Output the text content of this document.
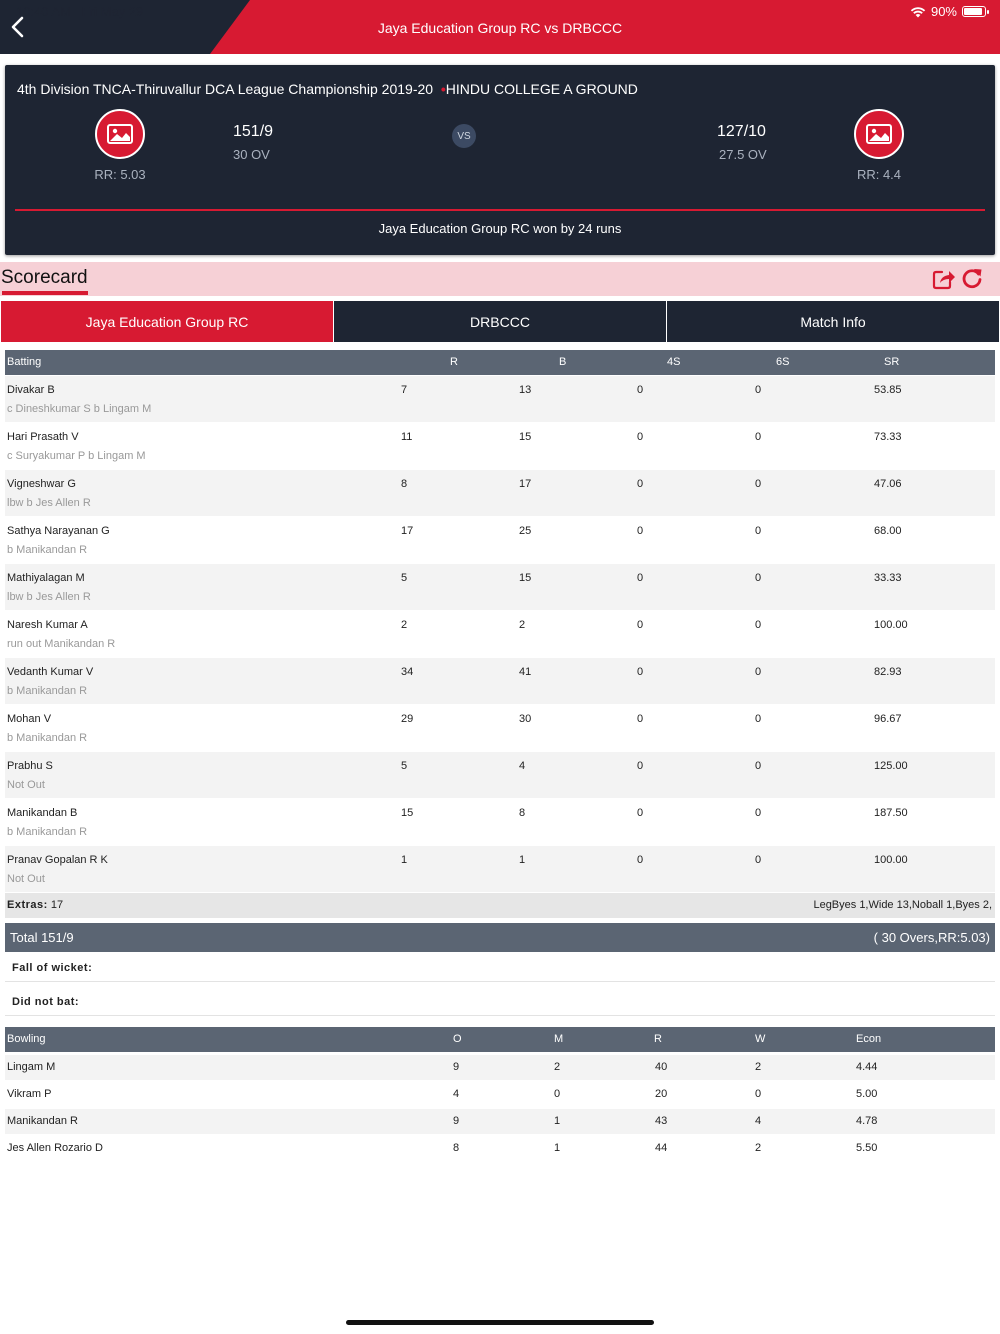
10:40 AM Fri May 29	90%
Jaya Education Group RC vs DRBCCC
4th Division TNCA-Thiruvallur DCA League Championship 2019-20  •HINDU COLLEGE A GROUND
RR: 5.03
151/9
30 OV
VS	127/10
27.5 OV
RR: 4.4
Jaya Education Group RC won by 24 runs
Scorecard
Jaya Education Group RC	DRBCCC	Match Info
Batting	R	B	4S	6S	SR
Divakar B
c Dineshkumar S b Lingam M
7	13	0	0	53.85
Hari Prasath V
c Suryakumar P b Lingam M
11	15	0	0	73.33
Vigneshwar G
lbw b Jes Allen R
8	17	0	0	47.06
Sathya Narayanan G
b Manikandan R
17	25	0	0	68.00
Mathiyalagan M
lbw b Jes Allen R
5	15	0	0	33.33
Naresh Kumar A
run out Manikandan R
2	2	0	0	100.00
Vedanth Kumar V
b Manikandan R
34	41	0	0	82.93
Mohan V
b Manikandan R
29	30	0	0	96.67
Prabhu S
Not Out
5	4	0	0	125.00
Manikandan B
b Manikandan R
15	8	0	0	187.50
Pranav Gopalan R K
Not Out
1	1	0	0	100.00
Extras: 17	LegByes 1,Wide 13,Noball 1,Byes 2,
Total 151/9	( 30 Overs,RR:5.03)
Fall of wicket:
Did not bat:
Bowling	O	M	R	W	Econ
Lingam M	9	2	40	2	4.44
Vikram P	4	0	20	0	5.00
Manikandan R	9	1	43	4	4.78
Jes Allen Rozario D	8	1	44	2	5.50
